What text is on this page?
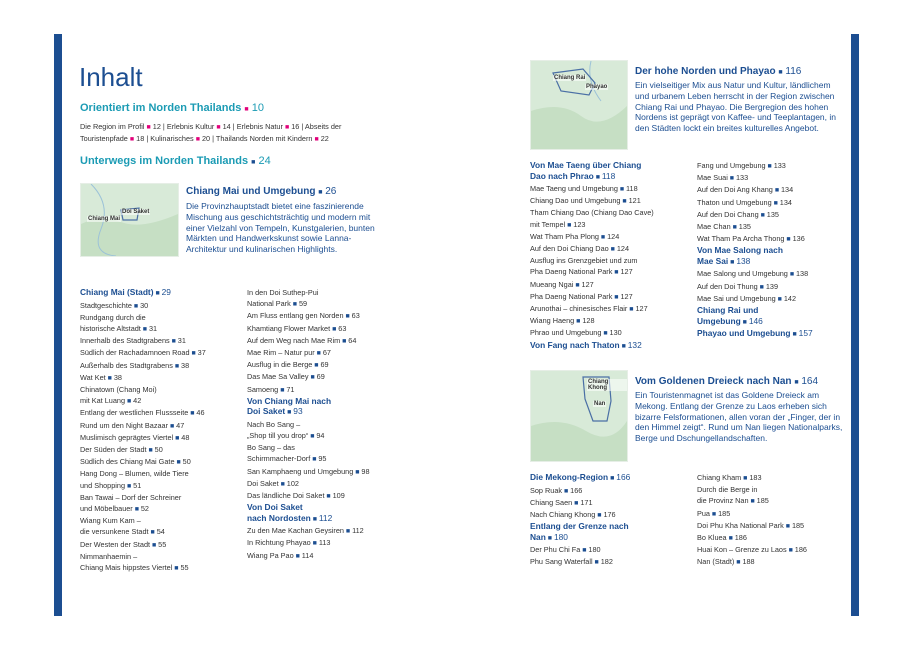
Inhalt
Orientiert im Norden Thailands ■ 10
Die Region im Profil ■ 12 | Erlebnis Kultur ■ 14 | Erlebnis Natur ■ 16 | Abseits der Touristenpfade ■ 18 | Kulinarisches ■ 20 | Thailands Norden mit Kindern ■ 22
Unterwegs im Norden Thailands ■ 24
Chiang Mai
Doi Saket
Chiang Mai und Umgebung ■ 26
Die Provinzhauptstadt bietet eine faszinierende Mischung aus geschichtsträchtig und modern mit einer Vielzahl von Tempeln, Kunstgalerien, bunten Märkten und Handwerkskunst sowie Lanna-Architektur und kulinarischen Highlights.
Chiang Mai (Stadt) ■ 29
Stadtgeschichte ■ 30
Rundgang durch die
historische Altstadt ■ 31
Innerhalb des Stadtgrabens ■ 31
Südlich der Rachadamnoen Road ■ 37
Außerhalb des Stadtgrabens ■ 38
Wat Ket ■ 38
Chinatown (Chang Moi)
mit Kat Luang ■ 42
Entlang der westlichen Flussseite ■ 46
Rund um den Night Bazaar ■ 47
Muslimisch geprägtes Viertel ■ 48
Der Süden der Stadt ■ 50
Südlich des Chiang Mai Gate ■ 50
Hang Dong – Blumen, wilde Tiere
und Shopping ■ 51
Ban Tawai – Dorf der Schreiner
und Möbelbauer ■ 52
Wiang Kum Kam –
die versunkene Stadt ■ 54
Der Westen der Stadt ■ 55
Nimmanhaemin –
Chiang Mais hippstes Viertel ■ 55
In den Doi Suthep-Pui
National Park ■ 59
Am Fluss entlang gen Norden ■ 63
Khamtiang Flower Market ■ 63
Auf dem Weg nach Mae Rim ■ 64
Mae Rim – Natur pur ■ 67
Ausflug in die Berge ■ 69
Das Mae Sa Valley ■ 69
Samoeng ■ 71
Von Chiang Mai nach
Doi Saket ■ 93
Nach Bo Sang –
„Shop till you drop“ ■ 94
Bo Sang – das
Schirmmacher-Dorf ■ 95
San Kamphaeng und Umgebung ■ 98
Doi Saket ■ 102
Das ländliche Doi Saket ■ 109
Von Doi Saket
nach Nordosten ■ 112
Zu den Mae Kachan Geysiren ■ 112
In Richtung Phayao ■ 113
Wiang Pa Pao ■ 114
Chiang Rai
Phayao
Der hohe Norden und Phayao ■ 116
Ein vielseitiger Mix aus Natur und Kultur, ländlichem und urbanem Leben herrscht in der Region zwischen Chiang Rai und Phayao. Die Bergregion des hohen Nordens ist geprägt von Kaffee- und Teeplantagen, in den Städten lockt ein breites kulturelles Angebot.
Von Mae Taeng über Chiang
Dao nach Phrao ■ 118
Mae Taeng und Umgebung ■ 118
Chiang Dao und Umgebung ■ 121
Tham Chiang Dao (Chiang Dao Cave)
mit Tempel ■ 123
Wat Tham Pha Plong ■ 124
Auf den Doi Chiang Dao ■ 124
Ausflug ins Grenzgebiet und zum
Pha Daeng National Park ■ 127
Mueang Ngai ■ 127
Pha Daeng National Park ■ 127
Arunothai – chinesisches Flair ■ 127
Wiang Haeng ■ 128
Phrao und Umgebung ■ 130
Von Fang nach Thaton ■ 132
Fang und Umgebung ■ 133
Mae Suai ■ 133
Auf den Doi Ang Khang ■ 134
Thaton und Umgebung ■ 134
Auf den Doi Chang ■ 135
Mae Chan ■ 135
Wat Tham Pa Archa Thong ■ 136
Von Mae Salong nach
Mae Sai ■ 138
Mae Salong und Umgebung ■ 138
Auf den Doi Thung ■ 139
Mae Sai und Umgebung ■ 142
Chiang Rai und
Umgebung ■ 146
Phayao und Umgebung ■ 157
Chiang Khong
Nan
Vom Goldenen Dreieck nach Nan ■ 164
Ein Touristenmagnet ist das Goldene Dreieck am Mekong. Entlang der Grenze zu Laos erheben sich bizarre Felsformationen, allen voran der „Finger, der in den Himmel zeigt“. Rund um Nan liegen Nationalparks, Berge und Dschungellandschaften.
Die Mekong-Region ■ 166
Sop Ruak ■ 166
Chiang Saen ■ 171
Nach Chiang Khong ■ 176
Entlang der Grenze nach
Nan ■ 180
Der Phu Chi Fa ■ 180
Phu Sang Waterfall ■ 182
Chiang Kham ■ 183
Durch die Berge in
die Provinz Nan ■ 185
Pua ■ 185
Doi Phu Kha National Park ■ 185
Bo Kluea ■ 186
Huai Kon – Grenze zu Laos ■ 186
Nan (Stadt) ■ 188
